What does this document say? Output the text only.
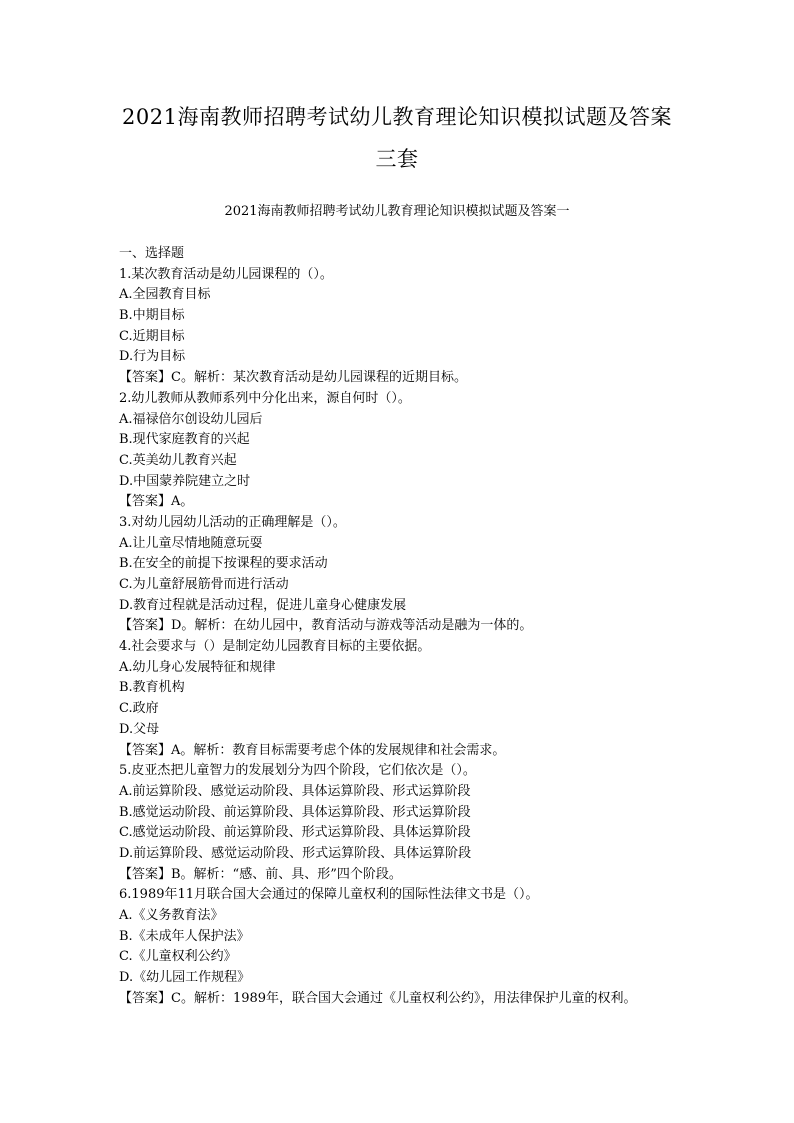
2021海南教师招聘考试幼儿教育理论知识模拟试题及答案
三套
2021海南教师招聘考试幼儿教育理论知识模拟试题及答案一
一、选择题
1.某次教育活动是幼儿园课程的（）。
A.全园教育目标
B.中期目标
C.近期目标
D.行为目标
【答案】C。解析：某次教育活动是幼儿园课程的近期目标。
2.幼儿教师从教师系列中分化出来，源自何时（）。
A.福禄倍尔创设幼儿园后
B.现代家庭教育的兴起
C.英美幼儿教育兴起
D.中国蒙养院建立之时
【答案】A。
3.对幼儿园幼儿活动的正确理解是（）。
A.让儿童尽情地随意玩耍
B.在安全的前提下按课程的要求活动
C.为儿童舒展筋骨而进行活动
D.教育过程就是活动过程，促进儿童身心健康发展
【答案】D。解析：在幼儿园中，教育活动与游戏等活动是融为一体的。
4.社会要求与（）是制定幼儿园教育目标的主要依据。
A.幼儿身心发展特征和规律
B.教育机构
C.政府
D.父母
【答案】A。解析：教育目标需要考虑个体的发展规律和社会需求。
5.皮亚杰把儿童智力的发展划分为四个阶段，它们依次是（）。
A.前运算阶段、感觉运动阶段、具体运算阶段、形式运算阶段
B.感觉运动阶段、前运算阶段、具体运算阶段、形式运算阶段
C.感觉运动阶段、前运算阶段、形式运算阶段、具体运算阶段
D.前运算阶段、感觉运动阶段、形式运算阶段、具体运算阶段
【答案】B。解析：“感、前、具、形”四个阶段。
6.1989年11月联合国大会通过的保障儿童权利的国际性法律文书是（）。
A.《义务教育法》
B.《未成年人保护法》
C.《儿童权利公约》
D.《幼儿园工作规程》
【答案】C。解析：1989年，联合国大会通过《儿童权利公约》，用法律保护儿童的权利。
